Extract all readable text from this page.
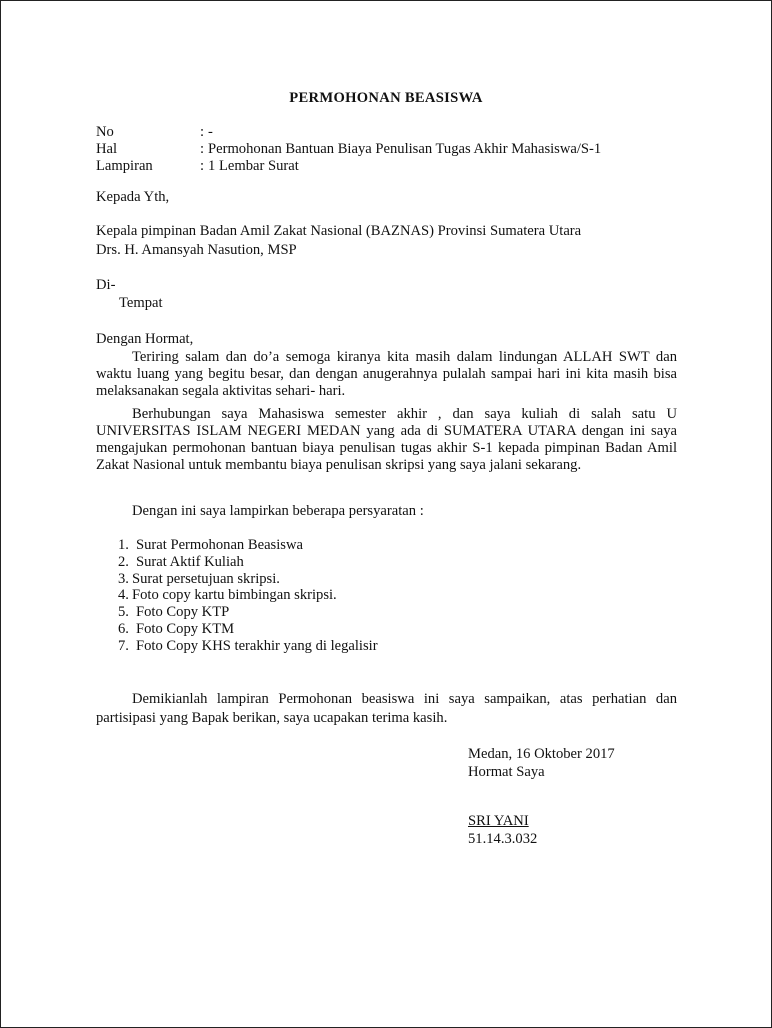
PERMOHONAN BEASISWA
No	: -
Hal	: Permohonan Bantuan Biaya Penulisan Tugas Akhir Mahasiswa/S-1
Lampiran	: 1 Lembar Surat
Kepada Yth,
Kepala pimpinan Badan Amil Zakat Nasional (BAZNAS) Provinsi Sumatera Utara
Drs. H. Amansyah Nasution, MSP
Di-
Tempat
Dengan Hormat,
Teriring salam dan do’a semoga kiranya kita masih dalam lindungan ALLAH SWT dan waktu luang yang begitu besar, dan dengan anugerahnya pulalah sampai hari ini kita masih bisa melaksanakan segala aktivitas sehari- hari.
Berhubungan saya Mahasiswa semester akhir , dan saya kuliah di salah satu U UNIVERSITAS ISLAM NEGERI MEDAN yang ada di SUMATERA UTARA dengan ini saya mengajukan permohonan bantuan biaya penulisan tugas akhir S-1 kepada pimpinan Badan Amil Zakat Nasional untuk membantu biaya penulisan skripsi yang saya jalani sekarang.
Dengan ini saya lampirkan beberapa persyaratan :
1. Surat Permohonan Beasiswa
2. Surat Aktif Kuliah
3. Surat persetujuan skripsi.
4. Foto copy kartu bimbingan skripsi.
5. Foto Copy KTP
6. Foto Copy KTM
7. Foto Copy KHS terakhir yang di legalisir
Demikianlah lampiran Permohonan beasiswa ini saya sampaikan, atas perhatian dan partisipasi yang Bapak berikan, saya ucapakan terima kasih.
Medan, 16 Oktober 2017
Hormat Saya
SRI YANI
51.14.3.032
